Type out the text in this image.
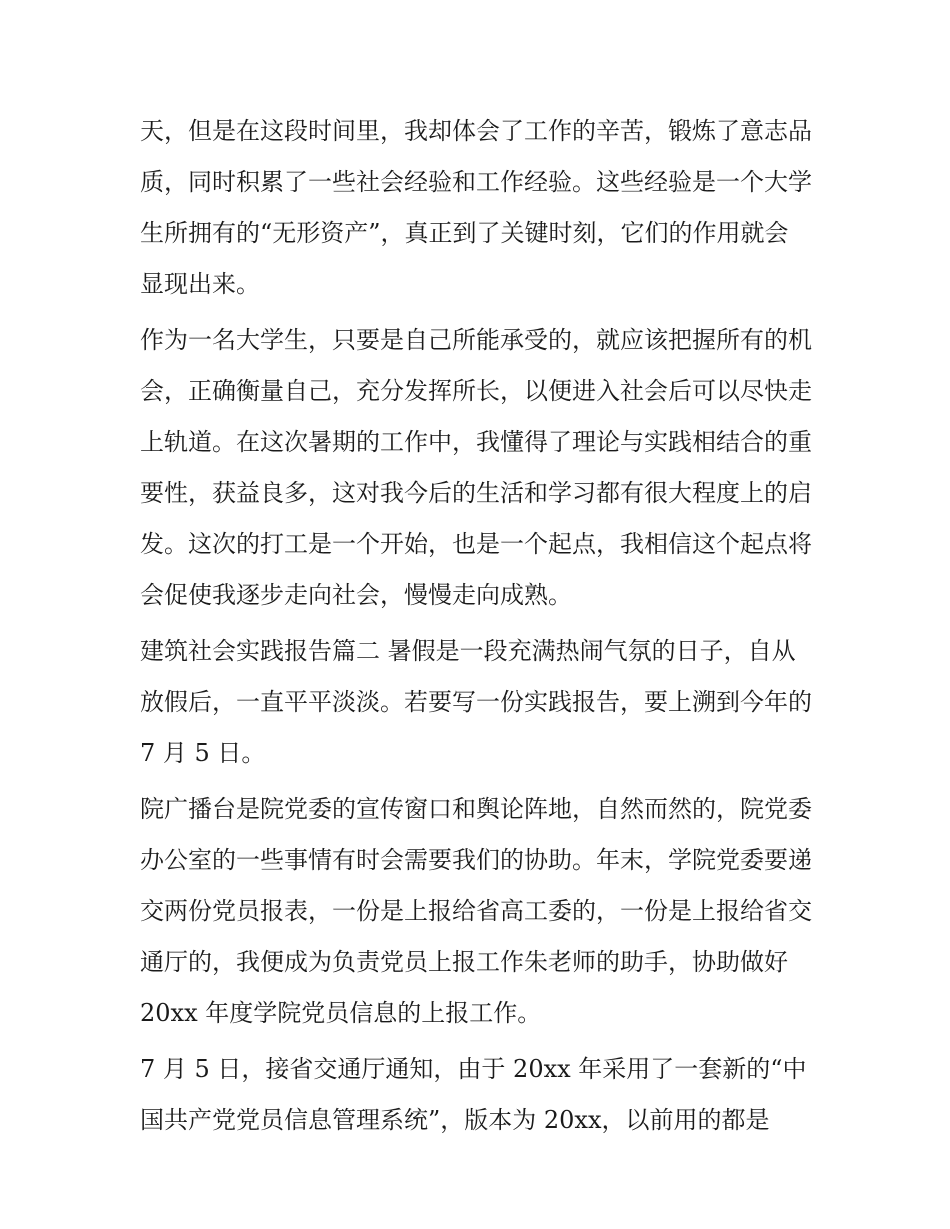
天，但是在这段时间里，我却体会了工作的辛苦，锻炼了意志品质，同时积累了一些社会经验和工作经验。这些经验是一个大学生所拥有的“无形资产”，真正到了关键时刻，它们的作用就会显现出来。

作为一名大学生，只要是自己所能承受的，就应该把握所有的机会，正确衡量自己，充分发挥所长，以便进入社会后可以尽快走上轨道。在这次暑期的工作中，我懂得了理论与实践相结合的重要性，获益良多，这对我今后的生活和学习都有很大程度上的启发。这次的打工是一个开始，也是一个起点，我相信这个起点将会促使我逐步走向社会，慢慢走向成熟。

建筑社会实践报告篇二 暑假是一段充满热闹气氛的日子，自从放假后，一直平平淡淡。若要写一份实践报告，要上溯到今年的 7 月 5 日。

院广播台是院党委的宣传窗口和舆论阵地，自然而然的，院党委办公室的一些事情有时会需要我们的协助。年末，学院党委要递交两份党员报表，一份是上报给省高工委的，一份是上报给省交通厅的，我便成为负责党员上报工作朱老师的助手，协助做好 20xx 年度学院党员信息的上报工作。

7 月 5 日，接省交通厅通知，由于 20xx 年采用了一套新的“中国共产党党员信息管理系统”，版本为 20xx，以前用的都是
